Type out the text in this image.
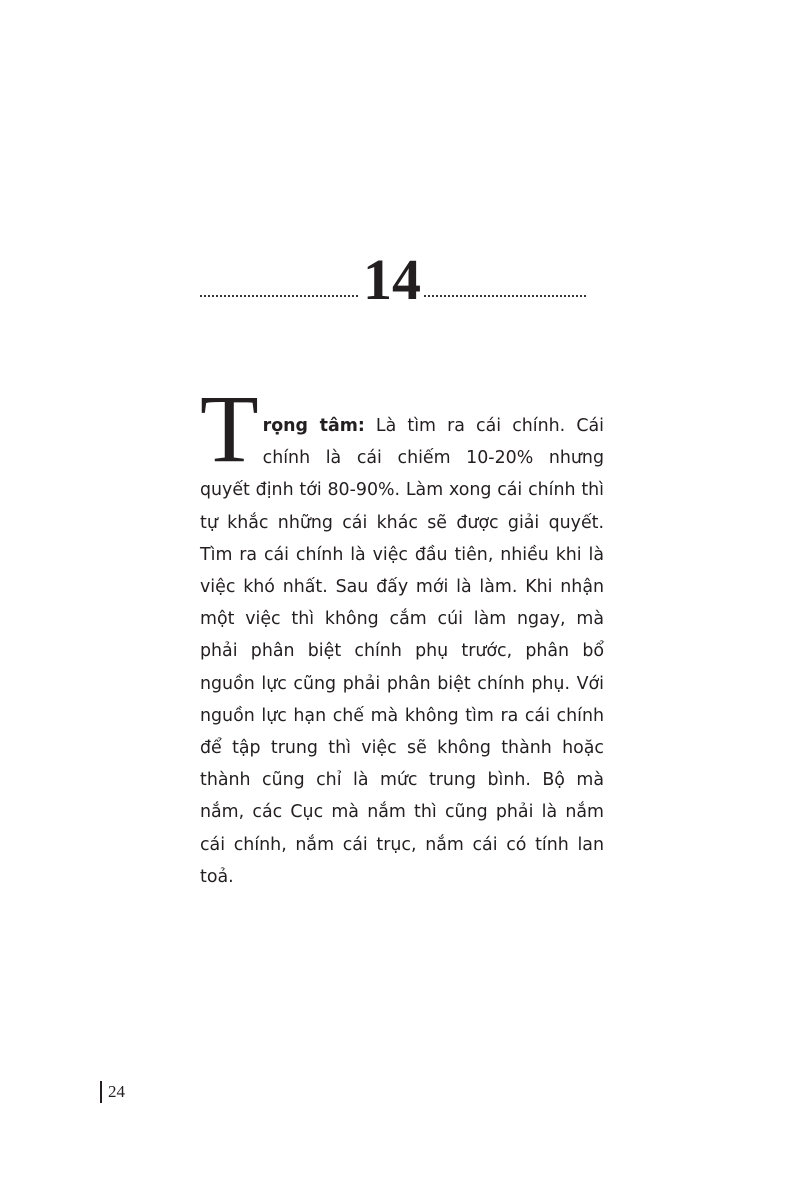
14

Trọng tâm: Là tìm ra cái chính. Cái chính là cái chiếm 10-20% nhưng quyết định tới 80-90%. Làm xong cái chính thì tự khắc những cái khác sẽ được giải quyết. Tìm ra cái chính là việc đầu tiên, nhiều khi là việc khó nhất. Sau đấy mới là làm. Khi nhận một việc thì không cắm cúi làm ngay, mà phải phân biệt chính phụ trước, phân bổ nguồn lực cũng phải phân biệt chính phụ. Với nguồn lực hạn chế mà không tìm ra cái chính để tập trung thì việc sẽ không thành hoặc thành cũng chỉ là mức trung bình. Bộ mà nắm, các Cục mà nắm thì cũng phải là nắm cái chính, nắm cái trục, nắm cái có tính lan toả.

24
